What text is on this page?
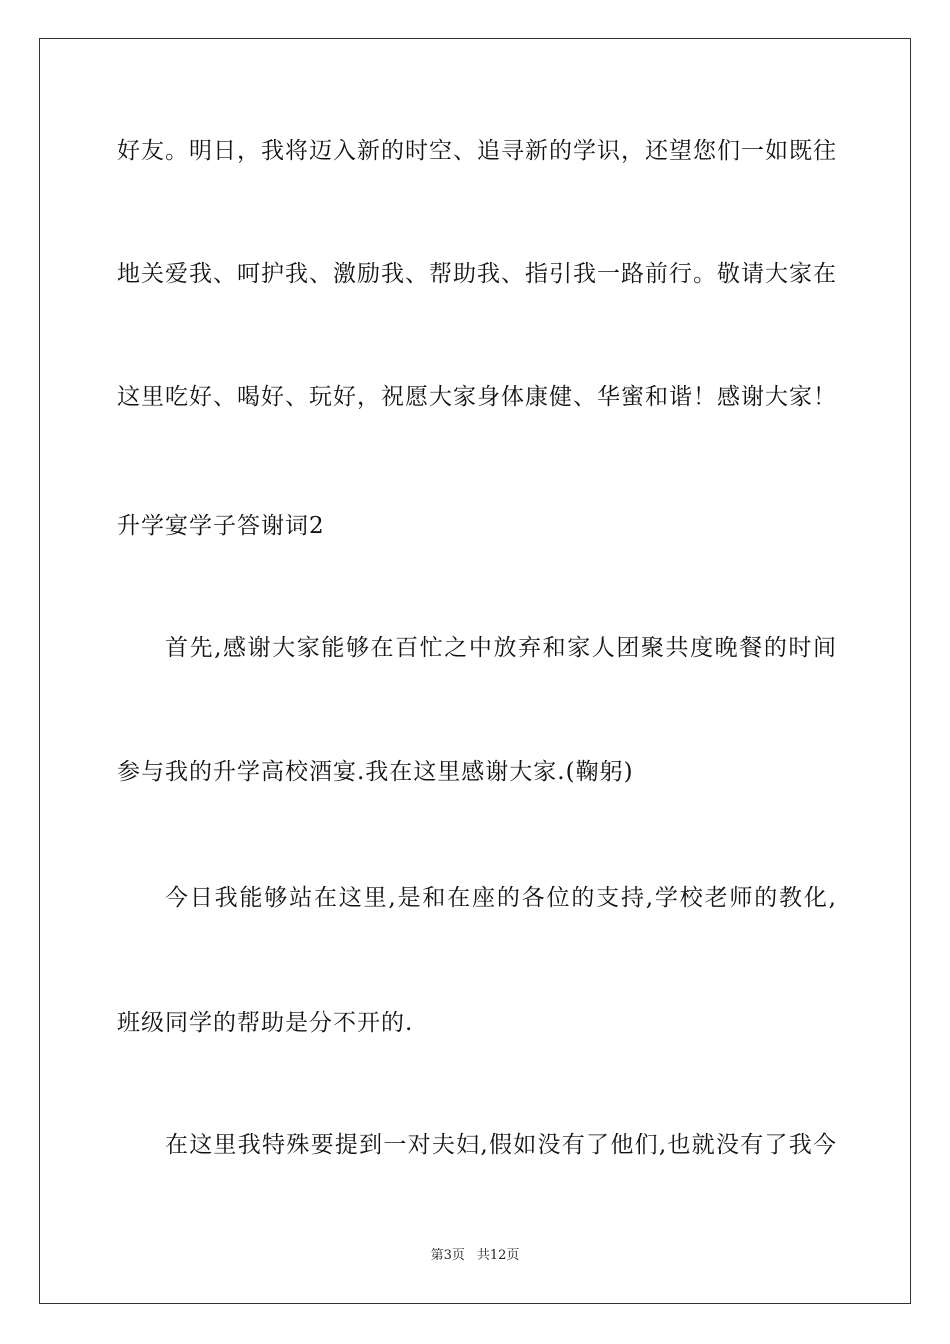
好友。明日，我将迈入新的时空、追寻新的学识，还望您们一如既往
地关爱我、呵护我、激励我、帮助我、指引我一路前行。敬请大家在
这里吃好、喝好、玩好，祝愿大家身体康健、华蜜和谐！感谢大家！
升学宴学子答谢词2
首先,感谢大家能够在百忙之中放弃和家人团聚共度晚餐的时间
参与我的升学高校酒宴.我在这里感谢大家.(鞠躬)
今日我能够站在这里,是和在座的各位的支持,学校老师的教化,
班级同学的帮助是分不开的.
在这里我特殊要提到一对夫妇,假如没有了他们,也就没有了我今
第3页 共12页
